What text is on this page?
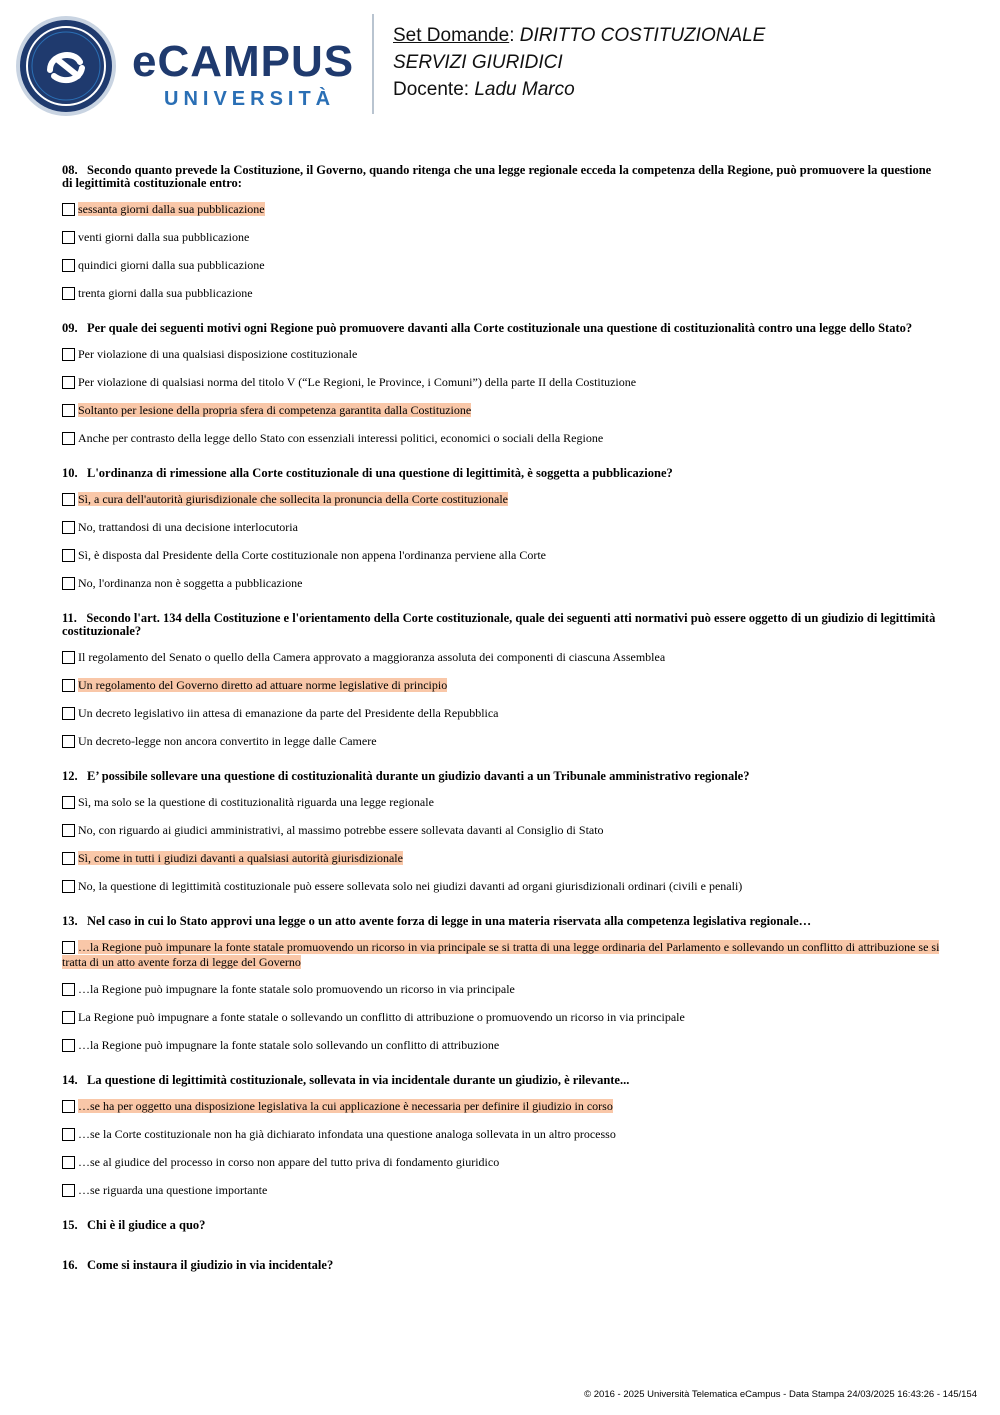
eCAMPUS
UNIVERSITÀ
Set Domande: DIRITTO COSTITUZIONALE
SERVIZI GIURIDICI
Docente: Ladu Marco
08. Secondo quanto prevede la Costituzione, il Governo, quando ritenga che una legge regionale ecceda la competenza della Regione, può promuovere la questione di legittimità costituzionale entro:
sessanta giorni dalla sua pubblicazione
venti giorni dalla sua pubblicazione
quindici giorni dalla sua pubblicazione
trenta giorni dalla sua pubblicazione
09. Per quale dei seguenti motivi ogni Regione può promuovere davanti alla Corte costituzionale una questione di costituzionalità contro una legge dello Stato?
Per violazione di una qualsiasi disposizione costituzionale
Per violazione di qualsiasi norma del titolo V (“Le Regioni, le Province, i Comuni”) della parte II della Costituzione
Soltanto per lesione della propria sfera di competenza garantita dalla Costituzione
Anche per contrasto della legge dello Stato con essenziali interessi politici, economici o sociali della Regione
10. L'ordinanza di rimessione alla Corte costituzionale di una questione di legittimità, è soggetta a pubblicazione?
Sì, a cura dell'autorità giurisdizionale che sollecita la pronuncia della Corte costituzionale
No, trattandosi di una decisione interlocutoria
Sì, è disposta dal Presidente della Corte costituzionale non appena l'ordinanza perviene alla Corte
No, l'ordinanza non è soggetta a pubblicazione
11. Secondo l'art. 134 della Costituzione e l'orientamento della Corte costituzionale, quale dei seguenti atti normativi può essere oggetto di un giudizio di legittimità costituzionale?
Il regolamento del Senato o quello della Camera approvato a maggioranza assoluta dei componenti di ciascuna Assemblea
Un regolamento del Governo diretto ad attuare norme legislative di principio
Un decreto legislativo iin attesa di emanazione da parte del Presidente della Repubblica
Un decreto-legge non ancora convertito in legge dalle Camere
12. E’ possibile sollevare una questione di costituzionalità durante un giudizio davanti a un Tribunale amministrativo regionale?
Sì, ma solo se la questione di costituzionalità riguarda una legge regionale
No, con riguardo ai giudici amministrativi, al massimo potrebbe essere sollevata davanti al Consiglio di Stato
Sì, come in tutti i giudizi davanti a qualsiasi autorità giurisdizionale
No, la questione di legittimità costituzionale può essere sollevata solo nei giudizi davanti ad organi giurisdizionali ordinari (civili e penali)
13. Nel caso in cui lo Stato approvi una legge o un atto avente forza di legge in una materia riservata alla competenza legislativa regionale…
…la Regione può impunare la fonte statale promuovendo un ricorso in via principale se si tratta di una legge ordinaria del Parlamento e sollevando un conflitto di attribuzione se si tratta di un atto avente forza di legge del Governo
…la Regione può impugnare la fonte statale solo promuovendo un ricorso in via principale
La Regione può impugnare a fonte statale o sollevando un conflitto di attribuzione o promuovendo un ricorso in via principale
…la Regione può impugnare la fonte statale solo sollevando un conflitto di attribuzione
14. La questione di legittimità costituzionale, sollevata in via incidentale durante un giudizio, è rilevante...
…se ha per oggetto una disposizione legislativa la cui applicazione è necessaria per definire il giudizio in corso
…se la Corte costituzionale non ha già dichiarato infondata una questione analoga sollevata in un altro processo
…se al giudice del processo in corso non appare del tutto priva di fondamento giuridico
…se riguarda una questione importante
15. Chi è il giudice a quo?
16. Come si instaura il giudizio in via incidentale?
© 2016 - 2025 Università Telematica eCampus - Data Stampa 24/03/2025 16:43:26 - 145/154
